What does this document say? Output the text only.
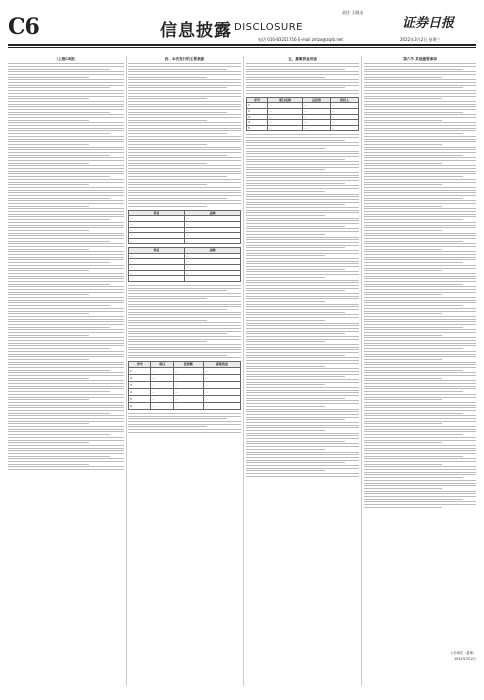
C6	信息披露 DISCLOSURE
责任 王晓圣
证券日报
电话 010-83251716 E-mail zmzx@zqrb.net	2022年3月2日 星期三
（上接C5版）	四、本次发行的主要条款
项目	金额
…	…
…	…
…	…
…	…
…	…
项目	金额
…	…
…	…
…	…
…	…
…	…
序号	项目	投资额	募集资金
1	…	…	…
2	…	…	…
3	…	…	…
4	…	…	…
5	…	…	…
6	…	…	…
五、募集资金用途
序号	项目名称	总投资	拟投入
1	…	…	…
2	…	…	…
3	…	…	…
4	…	…	…
5	…	…	…
第六节 其他重要事项
公告单位（盖章）
2022年3月2日
